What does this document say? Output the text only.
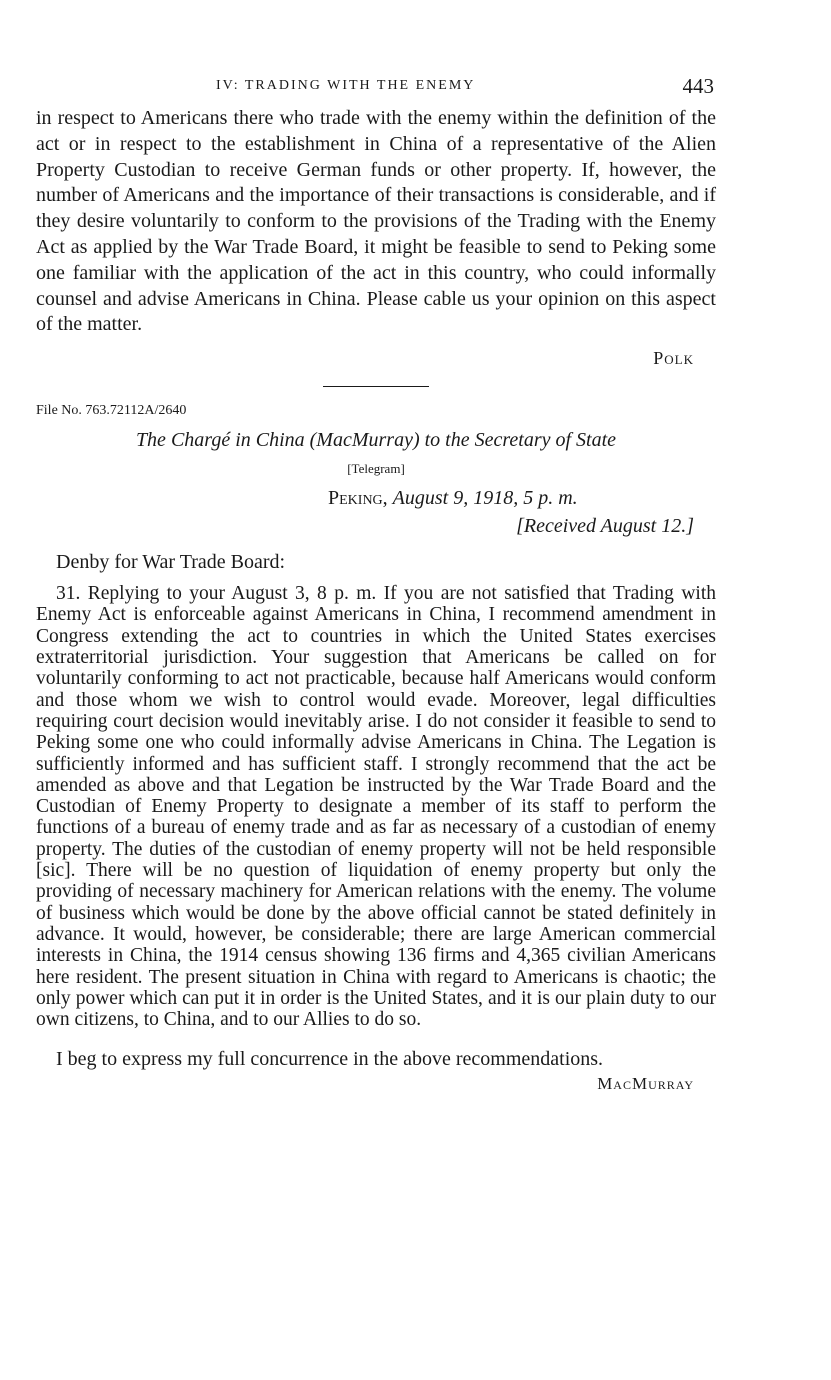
IV: TRADING WITH THE ENEMY	443

in respect to Americans there who trade with the enemy within the definition of the act or in respect to the establishment in China of a representative of the Alien Property Custodian to receive German funds or other property. If, however, the number of Americans and the importance of their transactions is considerable, and if they desire voluntarily to conform to the provisions of the Trading with the Enemy Act as applied by the War Trade Board, it might be feasible to send to Peking some one familiar with the application of the act in this country, who could informally counsel and advise Americans in China. Please cable us your opinion on this aspect of the matter.

Polk
File No. 763.72112A/2640
The Chargé in China (MacMurray) to the Secretary of State
[Telegram]
Peking, August 9, 1918, 5 p. m.
[Received August 12.]
Denby for War Trade Board:

31. Replying to your August 3, 8 p. m. If you are not satisfied that Trading with Enemy Act is enforceable against Americans in China, I recommend amendment in Congress extending the act to countries in which the United States exercises extraterritorial jurisdiction. Your suggestion that Americans be called on for voluntarily conforming to act not practicable, because half Americans would conform and those whom we wish to control would evade. Moreover, legal difficulties requiring court decision would inevitably arise. I do not consider it feasible to send to Peking some one who could informally advise Americans in China. The Legation is sufficiently informed and has sufficient staff. I strongly recommend that the act be amended as above and that Legation be instructed by the War Trade Board and the Custodian of Enemy Property to designate a member of its staff to perform the functions of a bureau of enemy trade and as far as necessary of a custodian of enemy property. The duties of the custodian of enemy property will not be held responsible [sic]. There will be no question of liquidation of enemy property but only the providing of necessary machinery for American relations with the enemy. The volume of business which would be done by the above official cannot be stated definitely in advance. It would, however, be considerable; there are large American commercial interests in China, the 1914 census showing 136 firms and 4,365 civilian Americans here resident. The present situation in China with regard to Americans is chaotic; the only power which can put it in order is the United States, and it is our plain duty to our own citizens, to China, and to our Allies to do so.

I beg to express my full concurrence in the above recommendations.

MacMurray
